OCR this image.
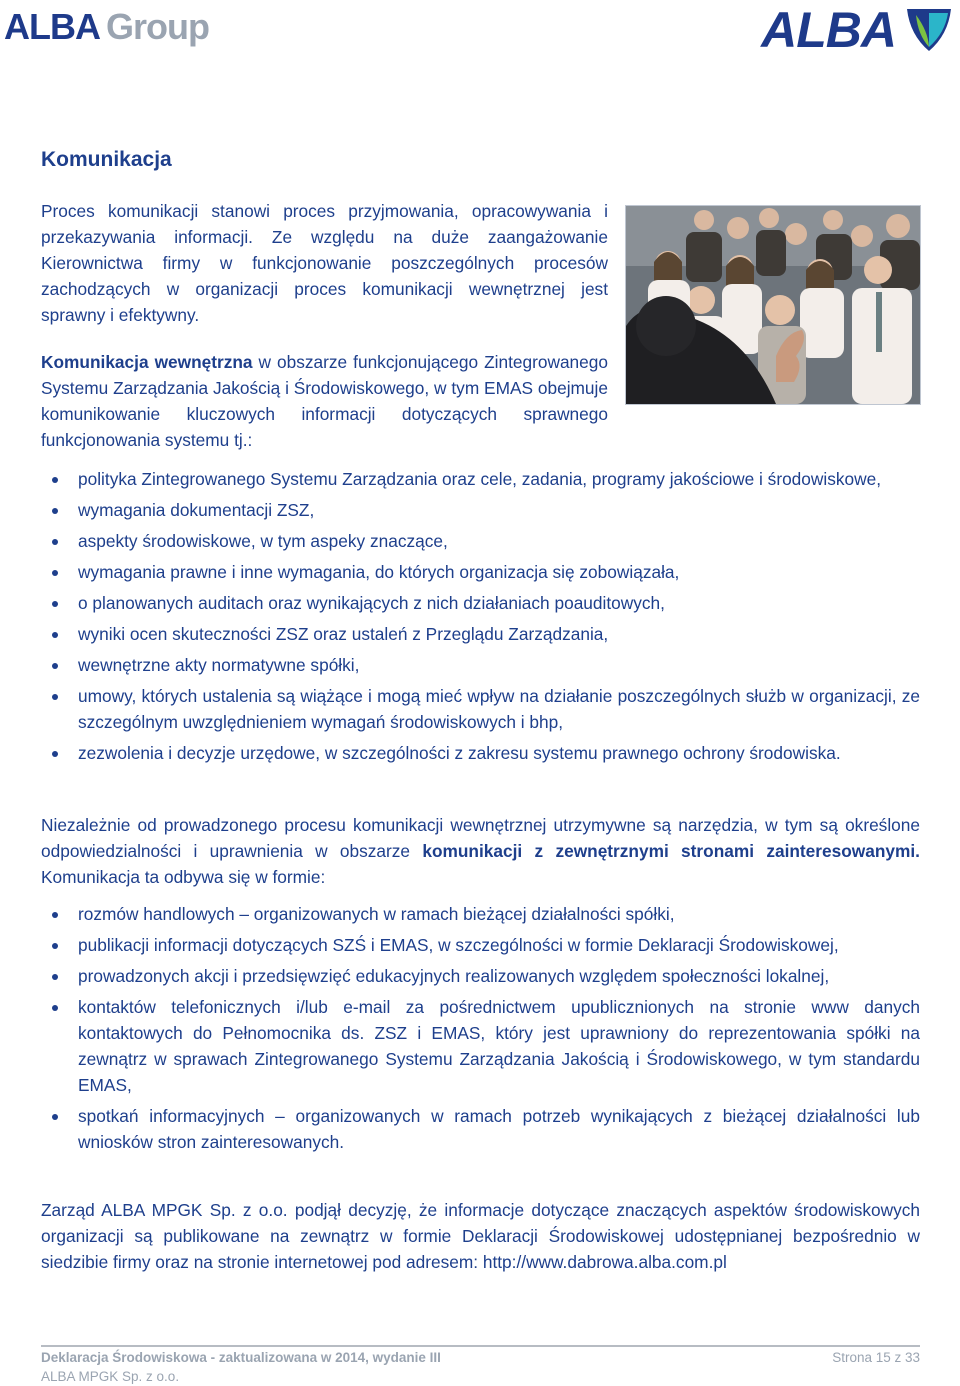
ALBA Group	ALBA
Komunikacja
Proces komunikacji stanowi proces przyjmowania, opracowywania i przekazywania informacji. Ze względu na duże zaangażowanie Kierownictwa firmy w funkcjonowanie poszczególnych procesów zachodzących w organizacji proces komunikacji wewnętrznej jest sprawny i efektywny.
Komunikacja wewnętrzna w obszarze funkcjonującego Zintegrowanego Systemu Zarządzania Jakością i Środowiskowego, w tym EMAS obejmuje komunikowanie kluczowych informacji dotyczących sprawnego funkcjonowania systemu tj.:
polityka Zintegrowanego Systemu Zarządzania oraz cele, zadania, programy jakościowe i środowiskowe,
wymagania dokumentacji ZSZ,
aspekty środowiskowe, w tym aspeky znaczące,
wymagania prawne i inne wymagania, do których organizacja się zobowiązała,
o planowanych auditach oraz wynikających z nich działaniach poauditowych,
wyniki ocen skuteczności ZSZ oraz ustaleń z Przeglądu Zarządzania,
wewnętrzne akty normatywne spółki,
umowy, których ustalenia są wiążące i mogą mieć wpływ na działanie poszczególnych służb w organizacji, ze szczególnym uwzględnieniem wymagań środowiskowych i bhp,
zezwolenia i decyzje urzędowe, w szczególności z zakresu systemu prawnego ochrony środowiska.
Niezależnie od prowadzonego procesu komunikacji wewnętrznej utrzymywne są narzędzia, w tym są określone odpowiedzialności i uprawnienia w obszarze komunikacji z zewnętrznymi stronami zainteresowanymi. Komunikacja ta odbywa się w formie:
rozmów handlowych – organizowanych w ramach bieżącej działalności spółki,
publikacji informacji dotyczących SZŚ i EMAS, w szczególności w formie Deklaracji Środowiskowej,
prowadzonych akcji i przedsięwzięć edukacyjnych realizowanych względem społeczności lokalnej,
kontaktów telefonicznych i/lub e-mail za pośrednictwem upublicznionych na stronie www danych kontaktowych do Pełnomocnika ds. ZSZ i EMAS, który jest uprawniony do reprezentowania spółki na zewnątrz w sprawach Zintegrowanego Systemu Zarządzania Jakością i Środowiskowego, w tym standardu EMAS,
spotkań informacyjnych – organizowanych w ramach potrzeb wynikających z bieżącej działalności lub wniosków stron zainteresowanych.
Zarząd ALBA MPGK Sp. z o.o. podjął decyzję, że informacje dotyczące znaczących aspektów środowiskowych organizacji są publikowane na zewnątrz w formie Deklaracji Środowiskowej udostępnianej bezpośrednio w siedzibie firmy oraz na stronie internetowej pod adresem: http://www.dabrowa.alba.com.pl
Deklaracja Środowiskowa - zaktualizowana w 2014, wydanie III
ALBA MPGK Sp. z o.o.
Strona 15 z 33
